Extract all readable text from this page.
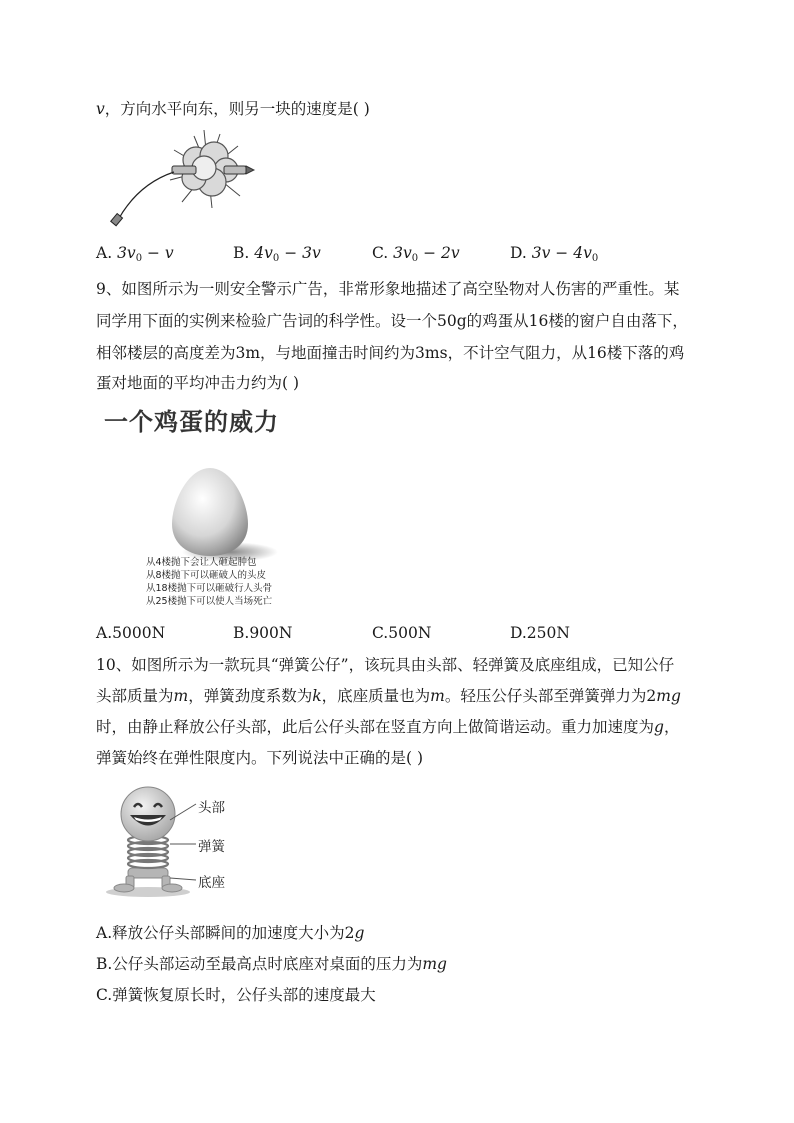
v，方向水平向东，则另一块的速度是( )
A. $3v_0 - v$	B. $4v_0 - 3v$	C. $3v_0 - 2v$	D. $3v - 4v_0$
9、如图所示为一则安全警示广告，非常形象地描述了高空坠物对人伤害的严重性。某
同学用下面的实例来检验广告词的科学性。设一个50g的鸡蛋从16楼的窗户自由落下，
相邻楼层的高度差为3m，与地面撞击时间约为3ms，不计空气阻力，从16楼下落的鸡
蛋对地面的平均冲击力约为( )
一个鸡蛋的威力
从4楼抛下会让人砸起肿包
从8楼抛下可以砸破人的头皮
从18楼抛下可以砸破行人头骨
从25楼抛下可以使人当场死亡
A.5000N	B.900N	C.500N	D.250N
10、如图所示为一款玩具“弹簧公仔”，该玩具由头部、轻弹簧及底座组成，已知公仔
头部质量为m，弹簧劲度系数为k，底座质量也为m。轻压公仔头部至弹簧弹力为2mg
时，由静止释放公仔头部，此后公仔头部在竖直方向上做简谐运动。重力加速度为g，
弹簧始终在弹性限度内。下列说法中正确的是( )
头部
弹簧
底座
A.释放公仔头部瞬间的加速度大小为2g
B.公仔头部运动至最高点时底座对桌面的压力为mg
C.弹簧恢复原长时，公仔头部的速度最大
